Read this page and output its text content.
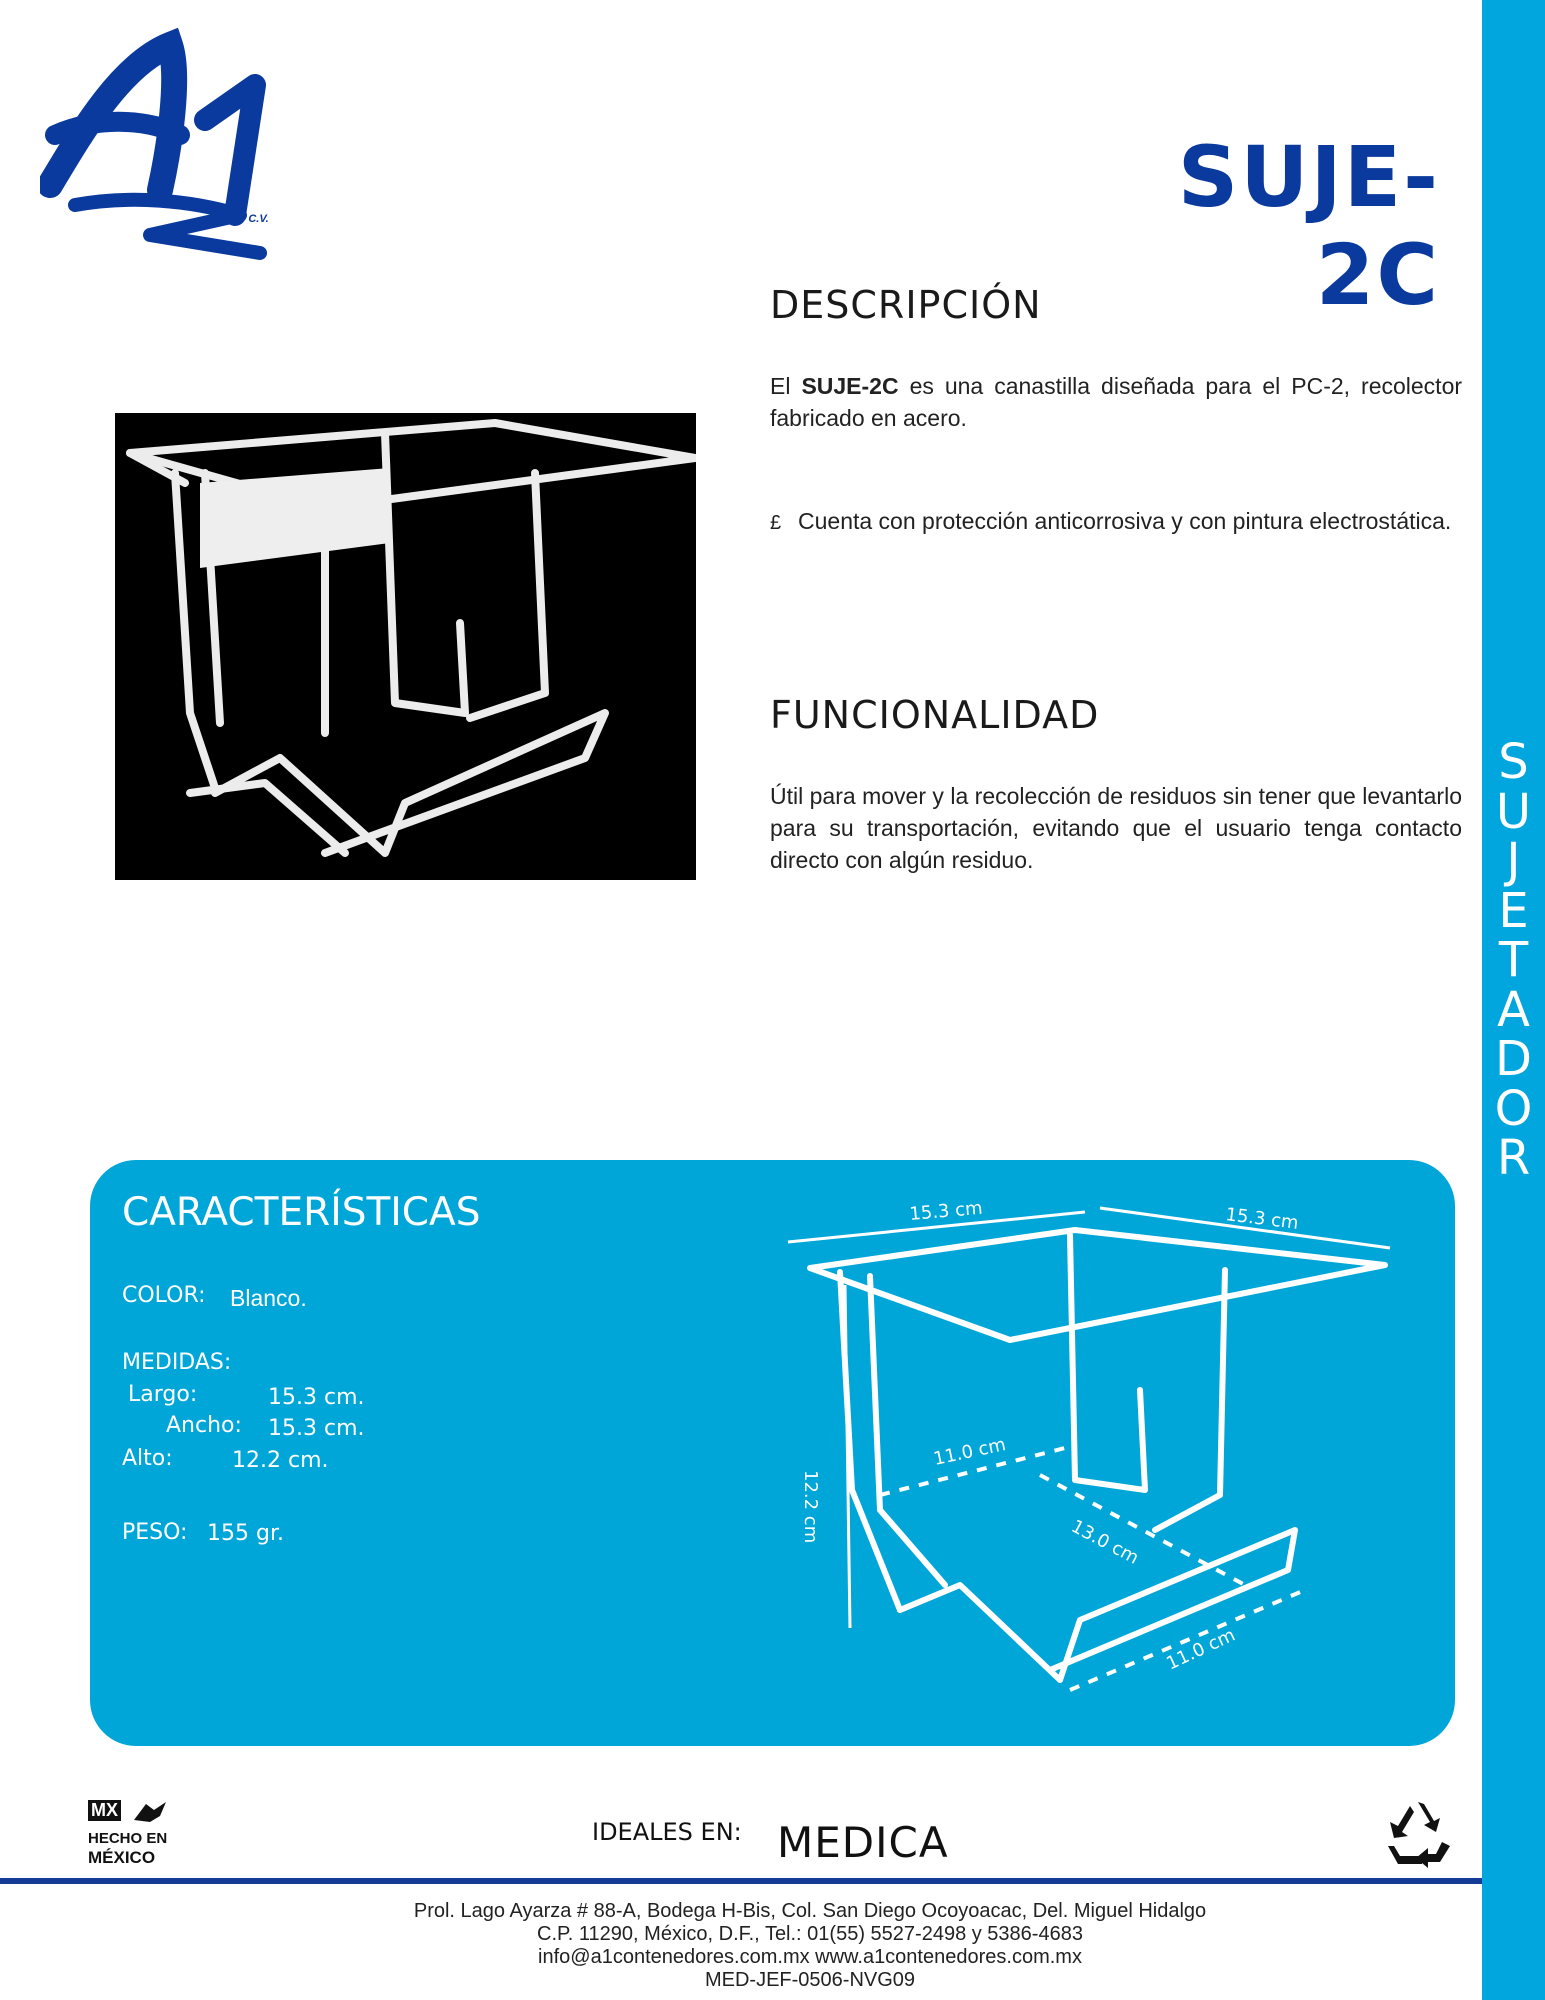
S
U
J
E
T
A
D
O
R
S.A. de C.V.	SUJE-2C
DESCRIPCIÓN
El SUJE-2C es una canastilla diseñada para el PC-2, recolector fabricado en acero.
£ Cuenta con protección anticorrosiva y con pintura electrostática.
FUNCIONALIDAD
Útil para mover y la recolección de residuos sin tener que levantarlo para su transportación, evitando que el usuario tenga contacto directo con algún residuo.
CARACTERÍSTICAS
COLOR: Blanco.
MEDIDAS:
Largo:	15.3 cm.
Ancho: 15.3 cm.
Alto:	12.2 cm.
PESO: 155 gr.
15.3 cm	15.3 cm
12.2 cm
11.0 cm
13.0 cm
11.0 cm
MX
HECHO EN
MÉXICO
IDEALES EN: MEDICA
Prol. Lago Ayarza # 88-A, Bodega H-Bis, Col. San Diego Ocoyoacac, Del. Miguel Hidalgo
C.P. 11290, México, D.F., Tel.: 01(55) 5527-2498 y 5386-4683
info@a1contenedores.com.mx www.a1contenedores.com.mx
MED-JEF-0506-NVG09
